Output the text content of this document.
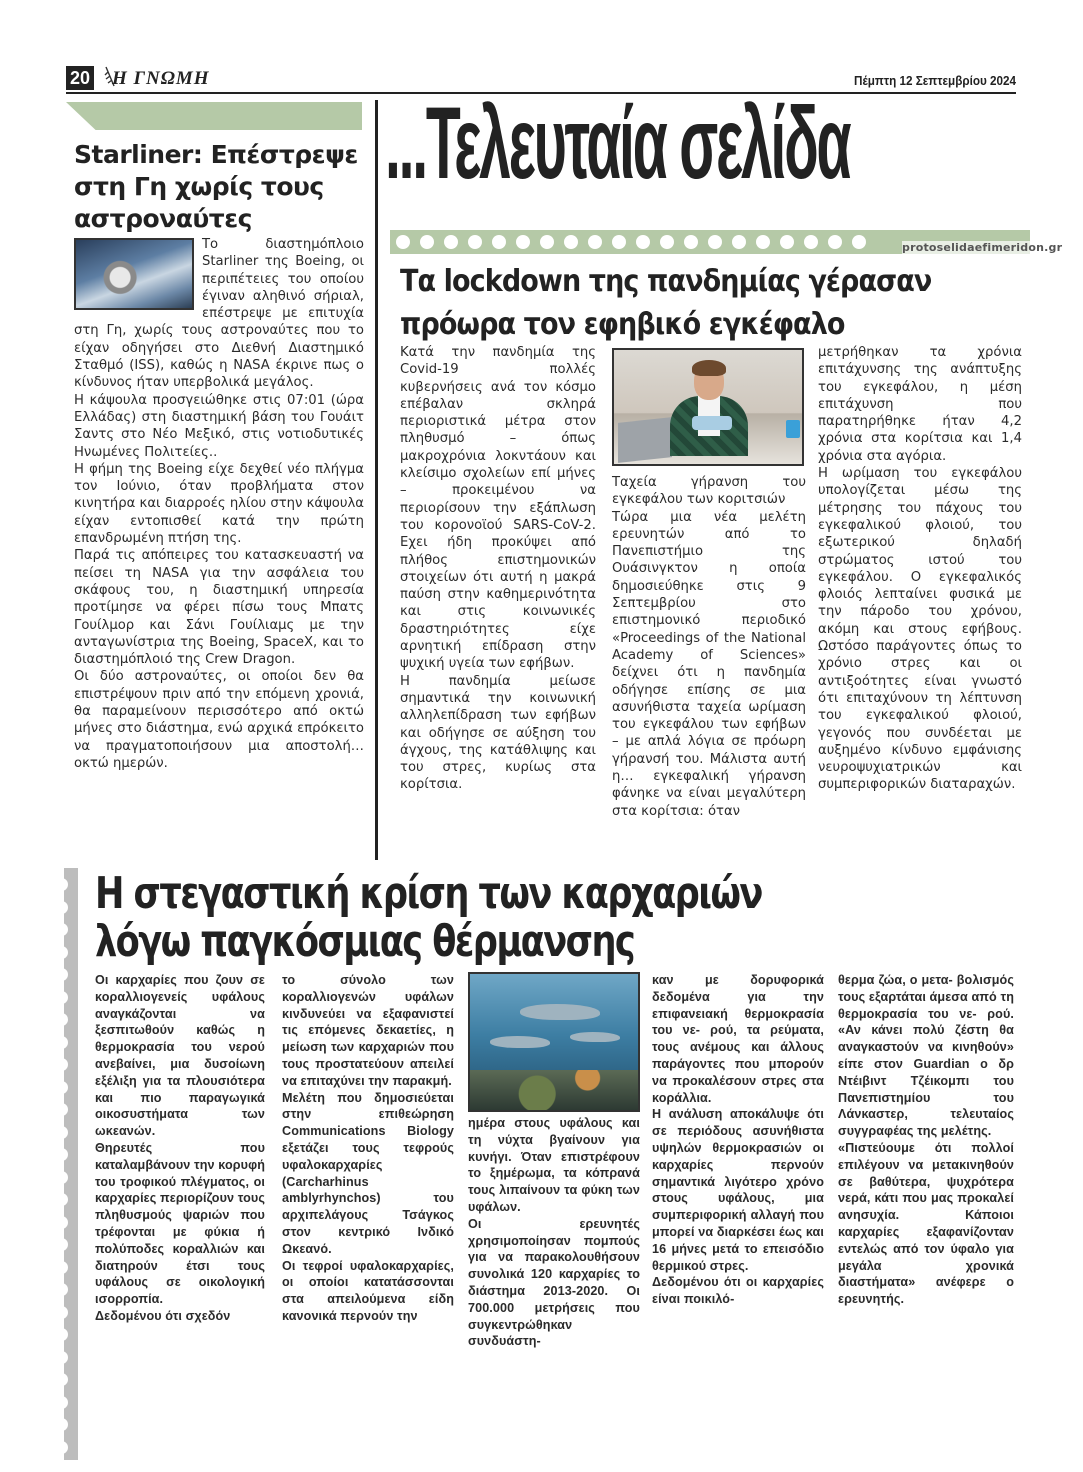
20 Η ΓΝΩΜΗ	Πέμπτη 12 Σεπτεμβρίου 2024
...Τελευταία σελίδα
protoselidaefimeridon.gr
Starliner: Επέστρεψε στη Γη χωρίς τους αστροναύτες

Το διαστημόπλοιο Starliner της Boeing, οι περιπέτειες του οποίου έγιναν αληθινό σήριαλ, επέστρεψε με επιτυχία στη Γη, χωρίς τους αστροναύτες που το είχαν οδηγήσει στο Διεθνή Διαστημικό Σταθμό (ISS), καθώς η NASA έκρινε πως ο κίνδυνος ήταν υπερβολικά μεγάλος.

Η κάψουλα προσγειώθηκε στις 07:01 (ώρα Ελλάδας) στη διαστημική βάση του Γουάιτ Σαντς στο Νέο Μεξικό, στις νοτιοδυτικές Ηνωμένες Πολιτείες..

Η φήμη της Boeing είχε δεχθεί νέο πλήγμα τον Ιούνιο, όταν προβλήματα στον κινητήρα και διαρροές ηλίου στην κάψουλα είχαν εντοπισθεί κατά την πρώτη επανδρωμένη πτήση της.

Παρά τις απόπειρες του κατασκευαστή να πείσει τη NASA για την ασφάλεια του σκάφους του, η διαστημική υπηρεσία προτίμησε να φέρει πίσω τους Μπατς Γουίλμορ και Σάνι Γουίλιαμς με την ανταγωνίστρια της Boeing, SpaceX, και το διαστημόπλοιό της Crew Dragon.

Οι δύο αστροναύτες, οι οποίοι δεν θα επιστρέψουν πριν από την επόμενη χρονιά, θα παραμείνουν περισσότερο από οκτώ μήνες στο διάστημα, ενώ αρχικά επρόκειτο να πραγματοποιήσουν μια αποστολή… οκτώ ημερών.

Τα lockdown της πανδημίας γέρασαν πρόωρα τον εφηβικό εγκέφαλο

Κατά την πανδημία της Covid-19 πολλές κυβερνήσεις ανά τον κόσμο επέβαλαν σκληρά περιοριστικά μέτρα στον πληθυσμό – όπως μακροχρόνια λοκντάουν και κλείσιμο σχολείων επί μήνες – προκειμένου να περιορίσουν την εξάπλωση του κορονοϊού SARS-CoV-2. Εχει ήδη προκύψει από πλήθος επιστημονικών στοιχείων ότι αυτή η μακρά παύση στην καθημερινότητα και στις κοινωνικές δραστηριότητες είχε αρνητική επίδραση στην ψυχική υγεία των εφήβων.

Η πανδημία μείωσε σημαντικά την κοινωνική αλληλεπίδραση των εφήβων και οδήγησε σε αύξηση του άγχους, της κατάθλιψης και του στρες, κυρίως στα κορίτσια.

Ταχεία γήρανση του εγκεφάλου των κοριτσιών

Τώρα μια νέα μελέτη ερευνητών από το Πανεπιστήμιο της Ουάσινγκτον η οποία δημοσιεύθηκε στις 9 Σεπτεμβρίου στο επιστημονικό περιοδικό «Proceedings of the National Academy of Sciences» δείχνει ότι η πανδημία οδήγησε επίσης σε μια ασυνήθιστα ταχεία ωρίμαση του εγκεφάλου των εφήβων – με απλά λόγια σε πρόωρη γήρανσή του. Μάλιστα αυτή η… εγκεφαλική γήρανση φάνηκε να είναι μεγαλύτερη στα κορίτσια: όταν

μετρήθηκαν τα χρόνια επιτάχυνσης της ανάπτυξης του εγκεφάλου, η μέση επιτάχυνση που παρατηρήθηκε ήταν 4,2 χρόνια στα κορίτσια και 1,4 χρόνια στα αγόρια.

Η ωρίμαση του εγκεφάλου υπολογίζεται μέσω της μέτρησης του πάχους του εγκεφαλικού φλοιού, του εξωτερικού δηλαδή στρώματος ιστού του εγκεφάλου. Ο εγκεφαλικός φλοιός λεπταίνει φυσικά με την πάροδο του χρόνου, ακόμη και στους εφήβους. Ωστόσο παράγοντες όπως το χρόνιο στρες και οι αντιξοότητες είναι γνωστό ότι επιταχύνουν τη λέπτυνση του εγκεφαλικού φλοιού, γεγονός που συνδέεται με αυξημένο κίνδυνο εμφάνισης νευροψυχιατρικών και συμπεριφορικών διαταραχών.

Η στεγαστική κρίση των καρχαριών
λόγω παγκόσμιας θέρμανσης

Οι καρχαρίες που ζουν σε κοραλλιογενείς υφάλους αναγκάζονται να ξεσπιτωθούν καθώς η θερμοκρασία του νερού ανεβαίνει, μια δυσοίωνη εξέλιξη για τα πλουσιότερα και πιο παραγωγικά οικοσυστήματα των ωκεανών.

Θηρευτές που καταλαμβάνουν την κορυφή του τροφικού πλέγματος, οι καρχαρίες περιορίζουν τους πληθυσμούς ψαριών που τρέφονται με φύκια ή πολύποδες κοραλλιών και διατηρούν έτσι τους υφάλους σε οικολογική ισορροπία.

Δεδομένου ότι σχεδόν

το σύνολο των κοραλλιογενών υφάλων κινδυνεύει να εξαφανιστεί τις επόμενες δεκαετίες, η μείωση των καρχαριών που τους προστατεύουν απειλεί να επιταχύνει την παρακμή.

Μελέτη που δημοσιεύεται στην επιθεώρηση Communications Biology εξετάζει τους τεφρούς υφαλοκαρχαρίες (Carcharhinus amblyrhynchos) του αρχιπελάγους Τσάγκος στον κεντρικό Ινδικό Ωκεανό.

Οι τεφροί υφαλοκαρχαρίες, οι οποίοι κατατάσσονται στα απειλούμενα είδη κανονικά περνούν την

ημέρα στους υφάλους και τη νύχτα βγαίνουν για κυνήγι. Όταν επιστρέφουν το ξημέρωμα, τα κόπρανά τους λιπαίνουν τα φύκη των υφάλων.

Οι ερευνητές χρησιμοποίησαν πομπούς για να παρακολουθήσουν συνολικά 120 καρχαρίες το διάστημα 2013-2020. Οι 700.000 μετρήσεις που συγκεντρώθηκαν συνδυάστη-

καν με δορυφορικά δεδομένα για την επιφανειακή θερμοκρασία του νε- ρού, τα ρεύματα, τους ανέμους και άλλους παράγοντες που μπορούν να προκαλέσουν στρες στα κοράλλια.

Η ανάλυση αποκάλυψε ότι σε περιόδους ασυνήθιστα υψηλών θερμοκρασιών οι καρχαρίες περνούν σημαντικά λιγότερο χρόνο στους υφάλους, μια συμπεριφορική αλλαγή που μπορεί να διαρκέσει έως και 16 μήνες μετά το επεισόδιο θερμικού στρες.

Δεδομένου ότι οι καρχαρίες είναι ποικιλό-

θερμα ζώα, ο μετα- βολισμός τους εξαρτάται άμεσα από τη θερμοκρασία του νε- ρού. «Αν κάνει πολύ ζέστη θα αναγκαστούν να κινηθούν» είπε στον Guardian ο δρ Ντέιβιντ Τζέικομπι του Πανεπιστημίου του Λάνκαστερ, τελευταίος συγγραφέας της μελέτης.

«Πιστεύουμε ότι πολλοί επιλέγουν να μετακινηθούν σε βαθύτερα, ψυχρότερα νερά, κάτι που μας προκαλεί ανησυχία. Κάποιοι καρχαρίες εξαφανίζονταν εντελώς από τον ύφαλο για μεγάλα χρονικά διαστήματα» ανέφερε ο ερευνητής.
